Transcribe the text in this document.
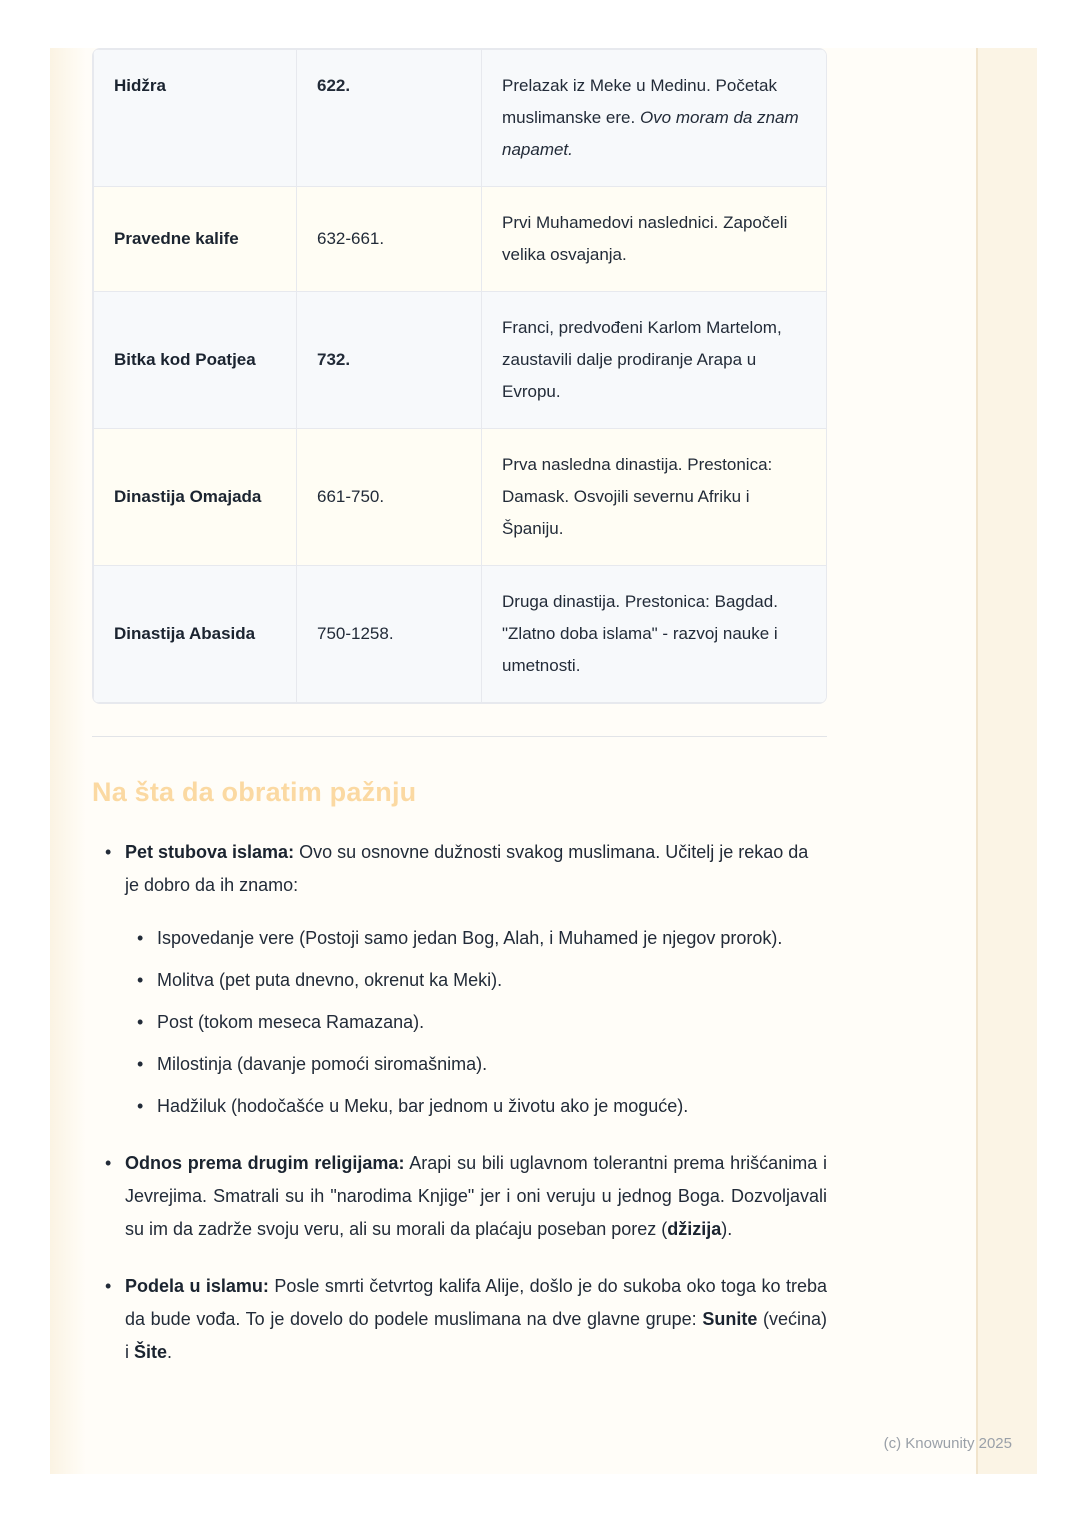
Hidžra	622.	Prelazak iz Meke u Medinu. Početak muslimanske ere. Ovo moram da znam napamet.
Pravedne kalife	632-661.	Prvi Muhamedovi naslednici. Započeli velika osvajanja.
Bitka kod Poatjea	732.	Franci, predvođeni Karlom Martelom, zaustavili dalje prodiranje Arapa u Evropu.
Dinastija Omajada	661-750.	Prva nasledna dinastija. Prestonica: Damask. Osvojili severnu Afriku i Španiju.
Dinastija Abasida	750-1258.	Druga dinastija. Prestonica: Bagdad. "Zlatno doba islama" - razvoj nauke i umetnosti.
Na šta da obratim pažnju
• Pet stubova islama: Ovo su osnovne dužnosti svakog muslimana. Učitelj je rekao da je dobro da ih znamo:
• Ispovedanje vere (Postoji samo jedan Bog, Alah, i Muhamed je njegov prorok).
• Molitva (pet puta dnevno, okrenut ka Meki).
• Post (tokom meseca Ramazana).
• Milostinja (davanje pomoći siromašnima).
• Hadžiluk (hodočašće u Meku, bar jednom u životu ako je moguće).
• Odnos prema drugim religijama: Arapi su bili uglavnom tolerantni prema hrišćanima i Jevrejima. Smatrali su ih "narodima Knjige" jer i oni veruju u jednog Boga. Dozvoljavali su im da zadrže svoju veru, ali su morali da plaćaju poseban porez (džizija).
• Podela u islamu: Posle smrti četvrtog kalifa Alije, došlo je do sukoba oko toga ko treba da bude vođa. To je dovelo do podele muslimana na dve glavne grupe: Sunite (većina) i Šite.
(c) Knowunity 2025
